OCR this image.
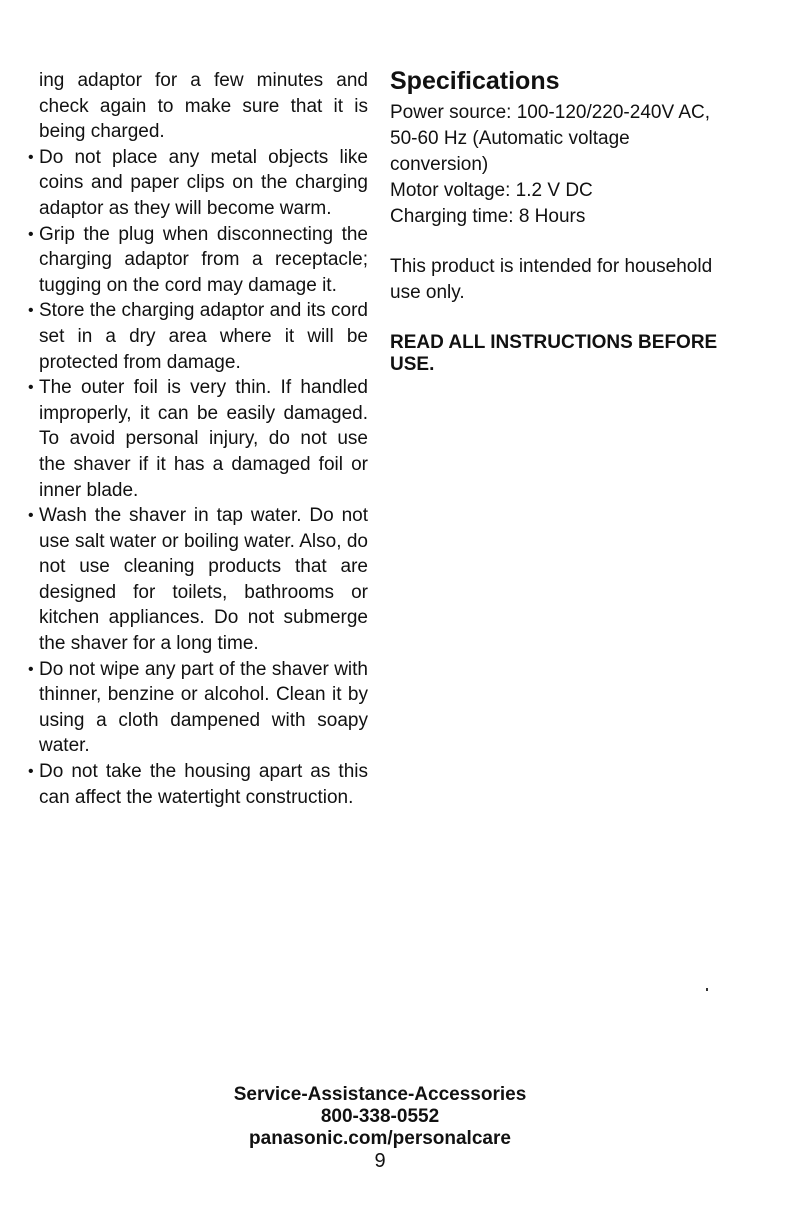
ing adaptor for a few minutes and check again to make sure that it is being charged.

• Do not place any metal objects like coins and paper clips on the charging adaptor as they will become warm.
• Grip the plug when disconnecting the charging adaptor from a receptacle; tugging on the cord may damage it.
• Store the charging adaptor and its cord set in a dry area where it will be protected from damage.
• The outer foil is very thin. If handled improperly, it can be easily damaged. To avoid personal injury, do not use the shaver if it has a damaged foil or inner blade.
• Wash the shaver in tap water. Do not use salt water or boiling water. Also, do not use cleaning products that are designed for toilets, bathrooms or kitchen appliances. Do not submerge the shaver for a long time.
• Do not wipe any part of the shaver with thinner, benzine or alcohol. Clean it by using a cloth dampened with soapy water.
• Do not take the housing apart as this can affect the watertight construction.
Specifications

Power source: 100-120/220-240V AC, 50-60 Hz (Automatic voltage conversion)

Motor voltage: 1.2 V DC

Charging time: 8 Hours

This product is intended for household use only.

READ ALL INSTRUCTIONS BEFORE USE.

Service-Assistance-Accessories
800-338-0552
panasonic.com/personalcare
9
